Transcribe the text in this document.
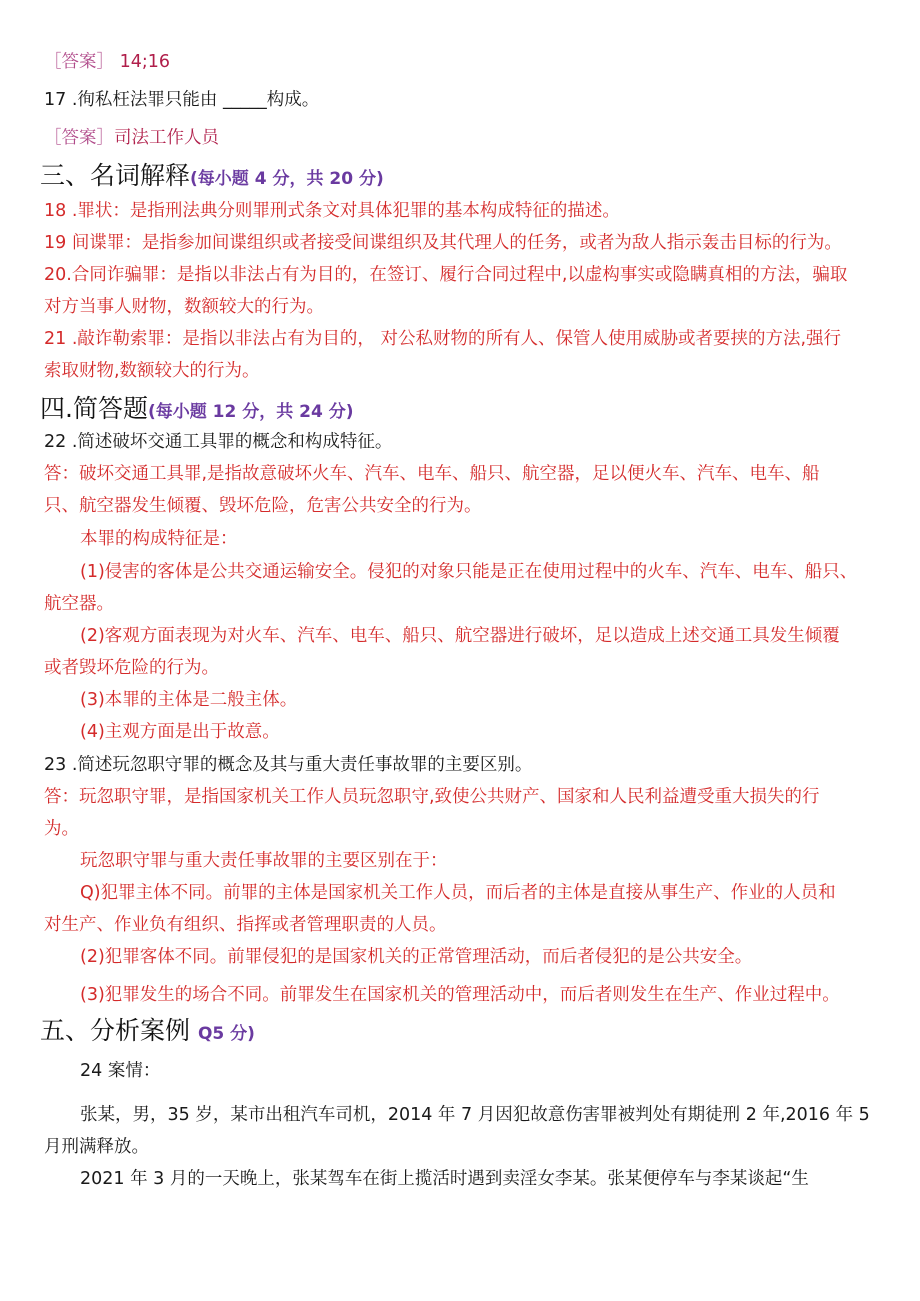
［答案］ 14;16
17 .徇私枉法罪只能由 _____构成。
［答案］司法工作人员
三、名词解释(每小题 4 分，共 20 分)
18 .罪状：是指刑法典分则罪刑式条文对具体犯罪的基本构成特征的描述。
19 间谍罪：是指参加间谍组织或者接受间谍组织及其代理人的任务，或者为敌人指示轰击目标的行为。
20.合同诈骗罪：是指以非法占有为目的，在签订、履行合同过程中,以虚构事实或隐瞒真相的方法，骗取
对方当事人财物，数额较大的行为。
21 .敲诈勒索罪：是指以非法占有为目的， 对公私财物的所有人、保管人使用威胁或者要挟的方法,强行
索取财物,数额较大的行为。
四.简答题(每小题 12 分，共 24 分)
22 .简述破坏交通工具罪的概念和构成特征。
答：破坏交通工具罪,是指故意破坏火车、汽车、电车、船只、航空器，足以便火车、汽车、电车、船
只、航空器发生倾覆、毁坏危险，危害公共安全的行为。
本罪的构成特征是：
(1)侵害的客体是公共交通运输安全。侵犯的对象只能是正在使用过程中的火车、汽车、电车、船只、
航空器。
(2)客观方面表现为对火车、汽车、电车、船只、航空器进行破坏，足以造成上述交通工具发生倾覆
或者毁坏危险的行为。
(3)本罪的主体是二般主体。
(4)主观方面是出于故意。
23 .简述玩忽职守罪的概念及其与重大责任事故罪的主要区别。
答：玩忽职守罪，是指国家机关工作人员玩忽职守,致使公共财产、国家和人民利益遭受重大损失的行
为。
玩忽职守罪与重大责任事故罪的主要区别在于：
Q)犯罪主体不同。前罪的主体是国家机关工作人员，而后者的主体是直接从事生产、作业的人员和
对生产、作业负有组织、指挥或者管理职责的人员。
(2)犯罪客体不同。前罪侵犯的是国家机关的正常管理活动，而后者侵犯的是公共安全。
(3)犯罪发生的场合不同。前罪发生在国家机关的管理活动中，而后者则发生在生产、作业过程中。
五、分析案例 Q5 分)
24 案情：
张某，男，35 岁，某市出租汽车司机，2014 年 7 月因犯故意伤害罪被判处有期徒刑 2 年,2016 年 5
月刑满释放。
2021 年 3 月的一天晚上，张某驾车在街上揽活时遇到卖淫女李某。张某便停车与李某谈起“生
